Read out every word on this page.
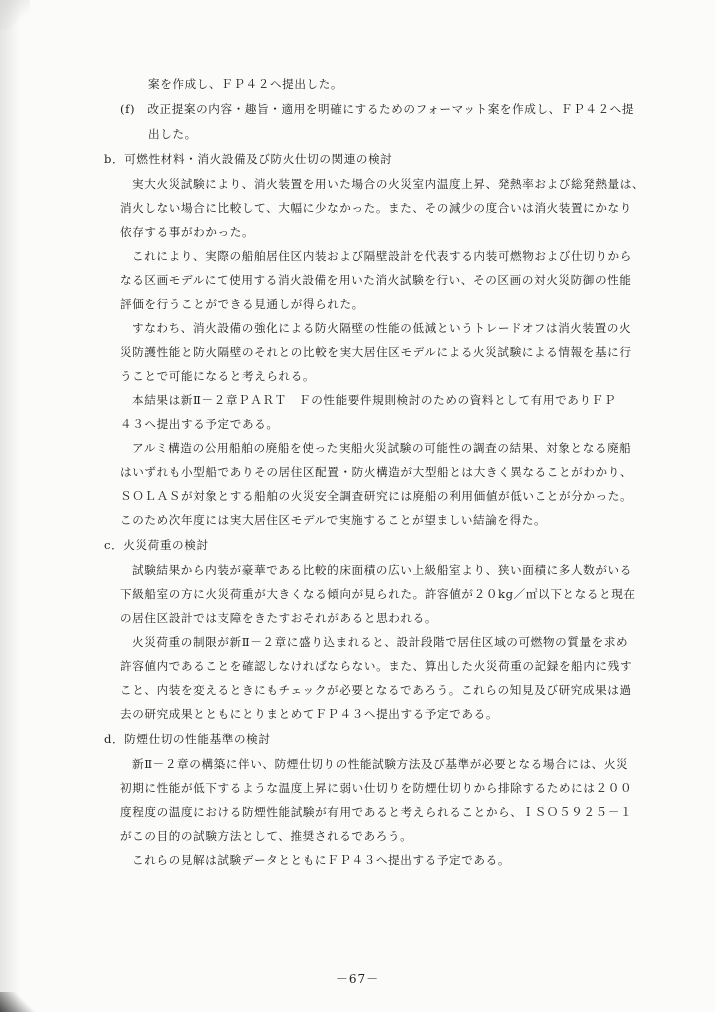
案を作成し、ＦＰ４２へ提出した。
(f)　改正提案の内容・趣旨・適用を明確にするためのフォーマット案を作成し、ＦＰ４２へ提
出した。
b．可燃性材料・消火設備及び防火仕切の関連の検討
実大火災試験により、消火装置を用いた場合の火災室内温度上昇、発熱率および総発熱量は、
消火しない場合に比較して、大幅に少なかった。また、その減少の度合いは消火装置にかなり
依存する事がわかった。
これにより、実際の船舶居住区内装および隔壁設計を代表する内装可燃物および仕切りから
なる区画モデルにて使用する消火設備を用いた消火試験を行い、その区画の対火災防御の性能
評価を行うことができる見通しが得られた。
すなわち、消火設備の強化による防火隔壁の性能の低減というトレードオフは消火装置の火
災防護性能と防火隔壁のそれとの比較を実大居住区モデルによる火災試験による情報を基に行
うことで可能になると考えられる。
本結果は新Ⅱ－２章ＰＡＲＴ　Ｆの性能要件規則検討のための資料として有用でありＦＰ
４３へ提出する予定である。
アルミ構造の公用船舶の廃船を使った実船火災試験の可能性の調査の結果、対象となる廃船
はいずれも小型船でありその居住区配置・防火構造が大型船とは大きく異なることがわかり、
ＳＯＬＡＳが対象とする船舶の火災安全調査研究には廃船の利用価値が低いことが分かった。
このため次年度には実大居住区モデルで実施することが望ましい結論を得た。
c．火災荷重の検討
試験結果から内装が豪華である比較的床面積の広い上級船室より、狭い面積に多人数がいる
下級船室の方に火災荷重が大きくなる傾向が見られた。許容値が２０kg／㎡以下となると現在
の居住区設計では支障をきたすおそれがあると思われる。
火災荷重の制限が新Ⅱ－２章に盛り込まれると、設計段階で居住区域の可燃物の質量を求め
許容値内であることを確認しなければならない。また、算出した火災荷重の記録を船内に残す
こと、内装を変えるときにもチェックが必要となるであろう。これらの知見及び研究成果は過
去の研究成果とともにとりまとめてＦＰ４３へ提出する予定である。
d．防煙仕切の性能基準の検討
新Ⅱ－２章の構築に伴い、防煙仕切りの性能試験方法及び基準が必要となる場合には、火災
初期に性能が低下するような温度上昇に弱い仕切りを防煙仕切りから排除するためには２００
度程度の温度における防煙性能試験が有用であると考えられることから、ＩＳＯ５９２５－１
がこの目的の試験方法として、推奨されるであろう。
これらの見解は試験データとともにＦＰ４３へ提出する予定である。
－67－
